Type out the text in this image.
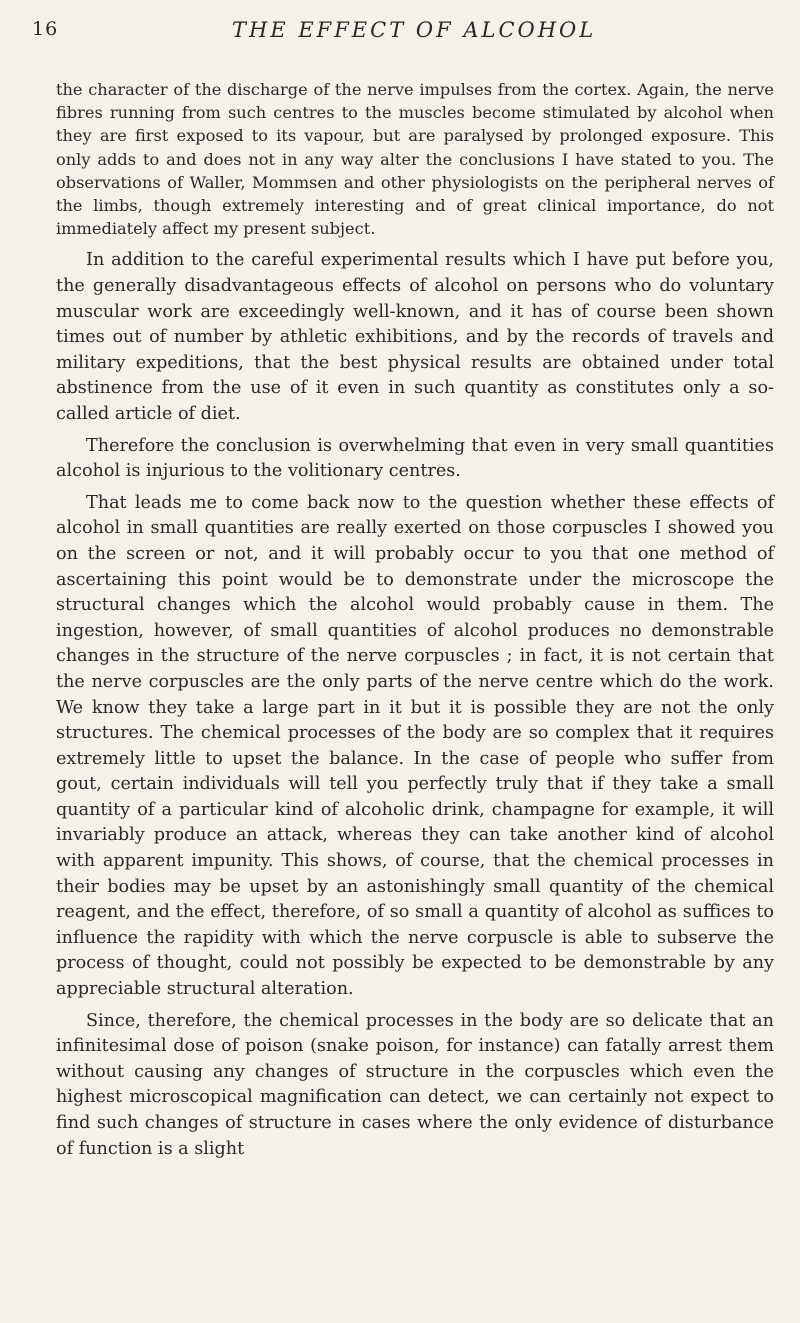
16	THE EFFECT OF ALCOHOL

the character of the discharge of the nerve impulses from the cortex. Again, the nerve fibres running from such centres to the muscles become stimulated by alcohol when they are first exposed to its vapour, but are paralysed by prolonged exposure. This only adds to and does not in any way alter the conclusions I have stated to you. The observations of Waller, Mommsen and other physiologists on the peripheral nerves of the limbs, though extremely interesting and of great clinical importance, do not immediately affect my present subject.

In addition to the careful experimental results which I have put before you, the generally disadvantageous effects of alcohol on persons who do voluntary muscular work are exceedingly well-known, and it has of course been shown times out of number by athletic exhibitions, and by the records of travels and military expeditions, that the best physical results are obtained under total abstinence from the use of it even in such quantity as constitutes only a so-called article of diet.

Therefore the conclusion is overwhelming that even in very small quantities alcohol is injurious to the volitionary centres.

That leads me to come back now to the question whether these effects of alcohol in small quantities are really exerted on those corpuscles I showed you on the screen or not, and it will probably occur to you that one method of ascertaining this point would be to demonstrate under the microscope the structural changes which the alcohol would probably cause in them. The ingestion, however, of small quantities of alcohol produces no demonstrable changes in the structure of the nerve corpuscles ; in fact, it is not certain that the nerve corpuscles are the only parts of the nerve centre which do the work. We know they take a large part in it but it is possible they are not the only structures. The chemical processes of the body are so complex that it requires extremely little to upset the balance. In the case of people who suffer from gout, certain individuals will tell you perfectly truly that if they take a small quantity of a particular kind of alcoholic drink, champagne for example, it will invariably produce an attack, whereas they can take another kind of alcohol with apparent impunity. This shows, of course, that the chemical processes in their bodies may be upset by an astonishingly small quantity of the chemical reagent, and the effect, therefore, of so small a quantity of alcohol as suffices to influence the rapidity with which the nerve corpuscle is able to subserve the process of thought, could not possibly be expected to be demonstrable by any appreciable structural alteration.

Since, therefore, the chemical processes in the body are so delicate that an infinitesimal dose of poison (snake poison, for instance) can fatally arrest them without causing any changes of structure in the corpuscles which even the highest microscopical magnification can detect, we can certainly not expect to find such changes of structure in cases where the only evidence of disturbance of function is a slight
